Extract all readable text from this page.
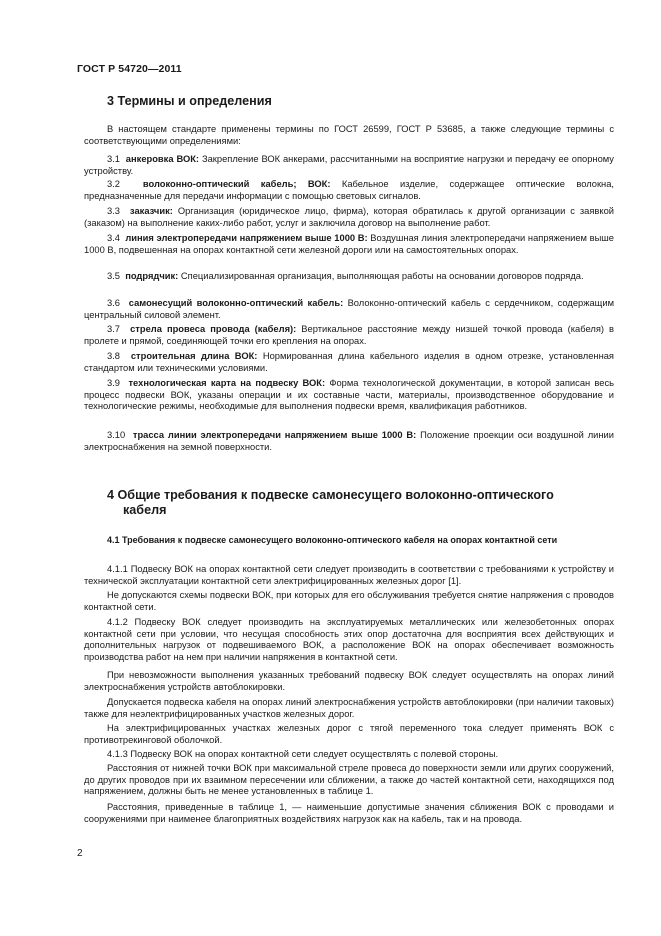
ГОСТ Р 54720—2011
3 Термины и определения
В настоящем стандарте применены термины по ГОСТ 26599, ГОСТ Р 53685, а также следующие термины с соответствующими определениями:
3.1 анкеровка ВОК: Закрепление ВОК анкерами, рассчитанными на восприятие нагрузки и передачу ее опорному устройству.
3.2 волоконно-оптический кабель; ВОК: Кабельное изделие, содержащее оптические волокна, предназначенные для передачи информации с помощью световых сигналов.
3.3 заказчик: Организация (юридическое лицо, фирма), которая обратилась к другой организации с заявкой (заказом) на выполнение каких-либо работ, услуг и заключила договор на выполнение работ.
3.4 линия электропередачи напряжением выше 1000 В: Воздушная линия электропередачи напряжением выше 1000 В, подвешенная на опорах контактной сети железной дороги или на самостоятельных опорах.
3.5 подрядчик: Специализированная организация, выполняющая работы на основании договоров подряда.
3.6 самонесущий волоконно-оптический кабель: Волоконно-оптический кабель с сердечником, содержащим центральный силовой элемент.
3.7 стрела провеса провода (кабеля): Вертикальное расстояние между низшей точкой провода (кабеля) в пролете и прямой, соединяющей точки его крепления на опорах.
3.8 строительная длина ВОК: Нормированная длина кабельного изделия в одном отрезке, установленная стандартом или техническими условиями.
3.9 технологическая карта на подвеску ВОК: Форма технологической документации, в которой записан весь процесс подвески ВОК, указаны операции и их составные части, материалы, производственное оборудование и технологические режимы, необходимые для выполнения подвески время, квалификация работников.
3.10 трасса линии электропередачи напряжением выше 1000 В: Положение проекции оси воздушной линии электроснабжения на земной поверхности.
4 Общие требования к подвеске самонесущего волоконно-оптического
кабеля
4.1 Требования к подвеске самонесущего волоконно-оптического кабеля на опорах контактной сети
4.1.1 Подвеску ВОК на опорах контактной сети следует производить в соответствии с требованиями к устройству и технической эксплуатации контактной сети электрифицированных железных дорог [1].
Не допускаются схемы подвески ВОК, при которых для его обслуживания требуется снятие напряжения с проводов контактной сети.
4.1.2 Подвеску ВОК следует производить на эксплуатируемых металлических или железобетонных опорах контактной сети при условии, что несущая способность этих опор достаточна для восприятия всех действующих и дополнительных нагрузок от подвешиваемого ВОК, а расположение ВОК на опорах обеспечивает возможность производства работ на нем при наличии напряжения в контактной сети.
При невозможности выполнения указанных требований подвеску ВОК следует осуществлять на опорах линий электроснабжения устройств автоблокировки.
Допускается подвеска кабеля на опорах линий электроснабжения устройств автоблокировки (при наличии таковых) также для неэлектрифицированных участков железных дорог.
На электрифицированных участках железных дорог с тягой переменного тока следует применять ВОК с противотрекинговой оболочкой.
4.1.3 Подвеску ВОК на опорах контактной сети следует осуществлять с полевой стороны.
Расстояния от нижней точки ВОК при максимальной стреле провеса до поверхности земли или других сооружений, до других проводов при их взаимном пересечении или сближении, а также до частей контактной сети, находящихся под напряжением, должны быть не менее установленных в таблице 1.
Расстояния, приведенные в таблице 1, — наименьшие допустимые значения сближения ВОК с проводами и сооружениями при наименее благоприятных воздействиях нагрузок как на кабель, так и на провода.
2
